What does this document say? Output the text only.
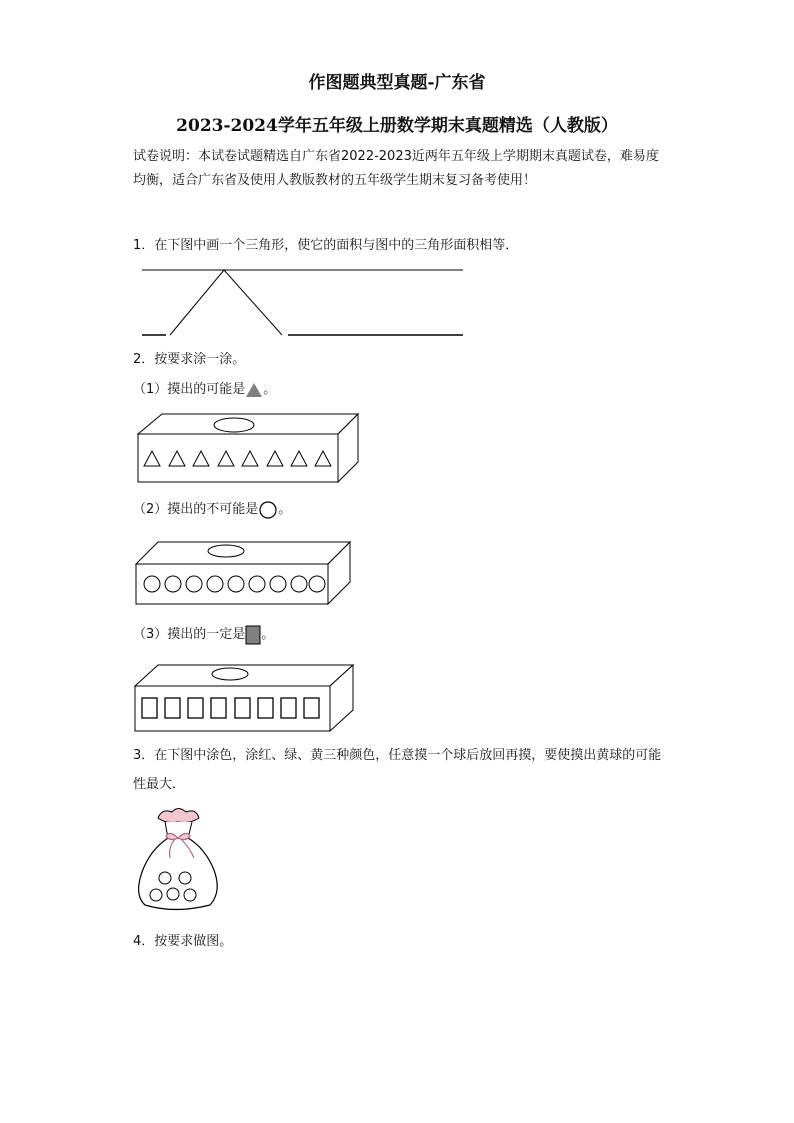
作图题典型真题-广东省
2023-2024学年五年级上册数学期末真题精选（人教版）
试卷说明：本试卷试题精选自广东省2022-2023近两年五年级上学期期末真题试卷，难易度均衡，适合广东省及使用人教版教材的五年级学生期末复习备考使用！
1．在下图中画一个三角形，使它的面积与图中的三角形面积相等．
2．按要求涂一涂。
（1）摸出的可能是 。
（2）摸出的不可能是 。
（3）摸出的一定是 。
3．在下图中涂色，涂红、绿、黄三种颜色，任意摸一个球后放回再摸，要使摸出黄球的可能性最大．
4．按要求做图。
